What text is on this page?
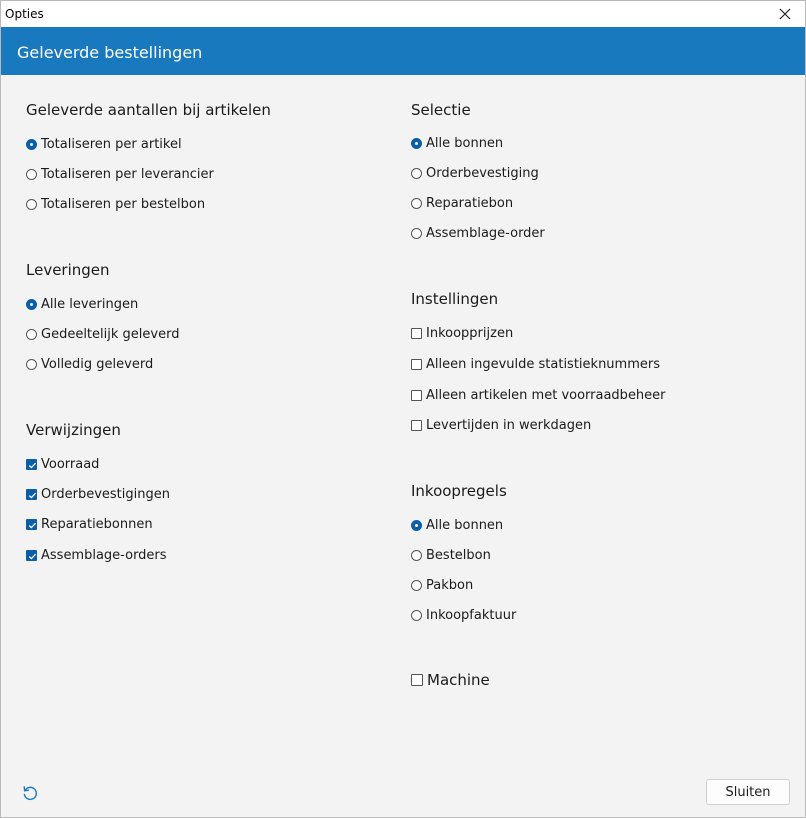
Opties
Geleverde bestellingen
Geleverde aantallen bij artikelen
Totaliseren per artikel
Totaliseren per leverancier
Totaliseren per bestelbon
Leveringen
Alle leveringen
Gedeeltelijk geleverd
Volledig geleverd
Verwijzingen
Voorraad
Orderbevestigingen
Reparatiebonnen
Assemblage-orders
Selectie
Alle bonnen
Orderbevestiging
Reparatiebon
Assemblage-order
Instellingen
Inkoopprijzen
Alleen ingevulde statistieknummers
Alleen artikelen met voorraadbeheer
Levertijden in werkdagen
Inkoopregels
Alle bonnen
Bestelbon
Pakbon
Inkoopfaktuur
Machine
Sluiten
